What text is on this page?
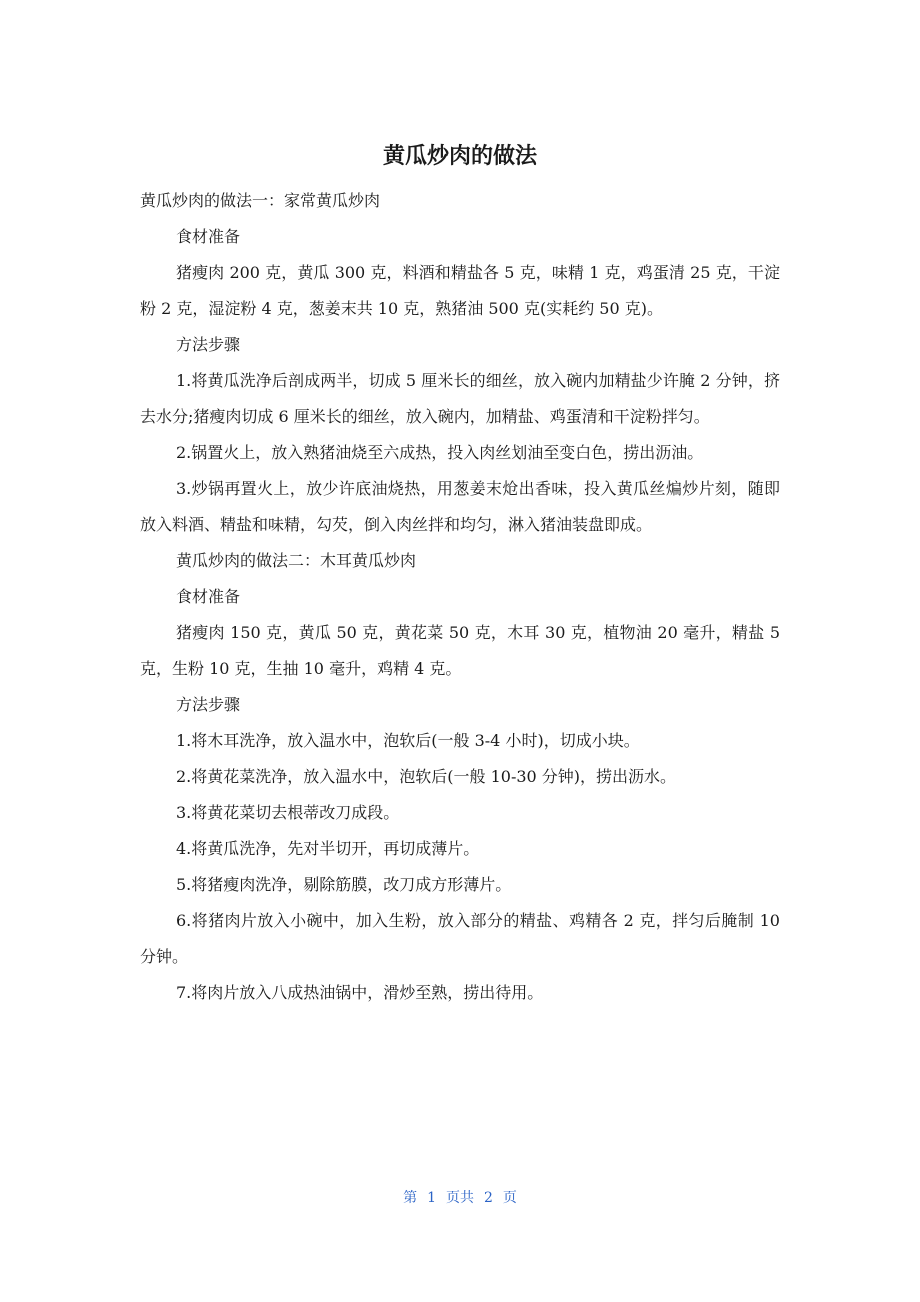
黄瓜炒肉的做法

黄瓜炒肉的做法一：家常黄瓜炒肉

食材准备

猪瘦肉 200 克，黄瓜 300 克，料酒和精盐各 5 克，味精 1 克，鸡蛋清 25 克，干淀粉 2 克，湿淀粉 4 克，葱姜末共 10 克，熟猪油 500 克(实耗约 50 克)。

方法步骤

1.将黄瓜洗净后剖成两半，切成 5 厘米长的细丝，放入碗内加精盐少许腌 2 分钟，挤去水分;猪瘦肉切成 6 厘米长的细丝，放入碗内，加精盐、鸡蛋清和干淀粉拌匀。

2.锅置火上，放入熟猪油烧至六成热，投入肉丝划油至变白色，捞出沥油。

3.炒锅再置火上，放少许底油烧热，用葱姜末炝出香味，投入黄瓜丝煸炒片刻，随即放入料酒、精盐和味精，勾芡，倒入肉丝拌和均匀，淋入猪油装盘即成。

黄瓜炒肉的做法二：木耳黄瓜炒肉

食材准备

猪瘦肉 150 克，黄瓜 50 克，黄花菜 50 克，木耳 30 克，植物油 20 毫升，精盐 5 克，生粉 10 克，生抽 10 毫升，鸡精 4 克。

方法步骤

1.将木耳洗净，放入温水中，泡软后(一般 3-4 小时)，切成小块。

2.将黄花菜洗净，放入温水中，泡软后(一般 10-30 分钟)，捞出沥水。

3.将黄花菜切去根蒂改刀成段。

4.将黄瓜洗净，先对半切开，再切成薄片。

5.将猪瘦肉洗净，剔除筋膜，改刀成方形薄片。

6.将猪肉片放入小碗中，加入生粉，放入部分的精盐、鸡精各 2 克，拌匀后腌制 10 分钟。

7.将肉片放入八成热油锅中，滑炒至熟，捞出待用。

第 1 页共 2 页
